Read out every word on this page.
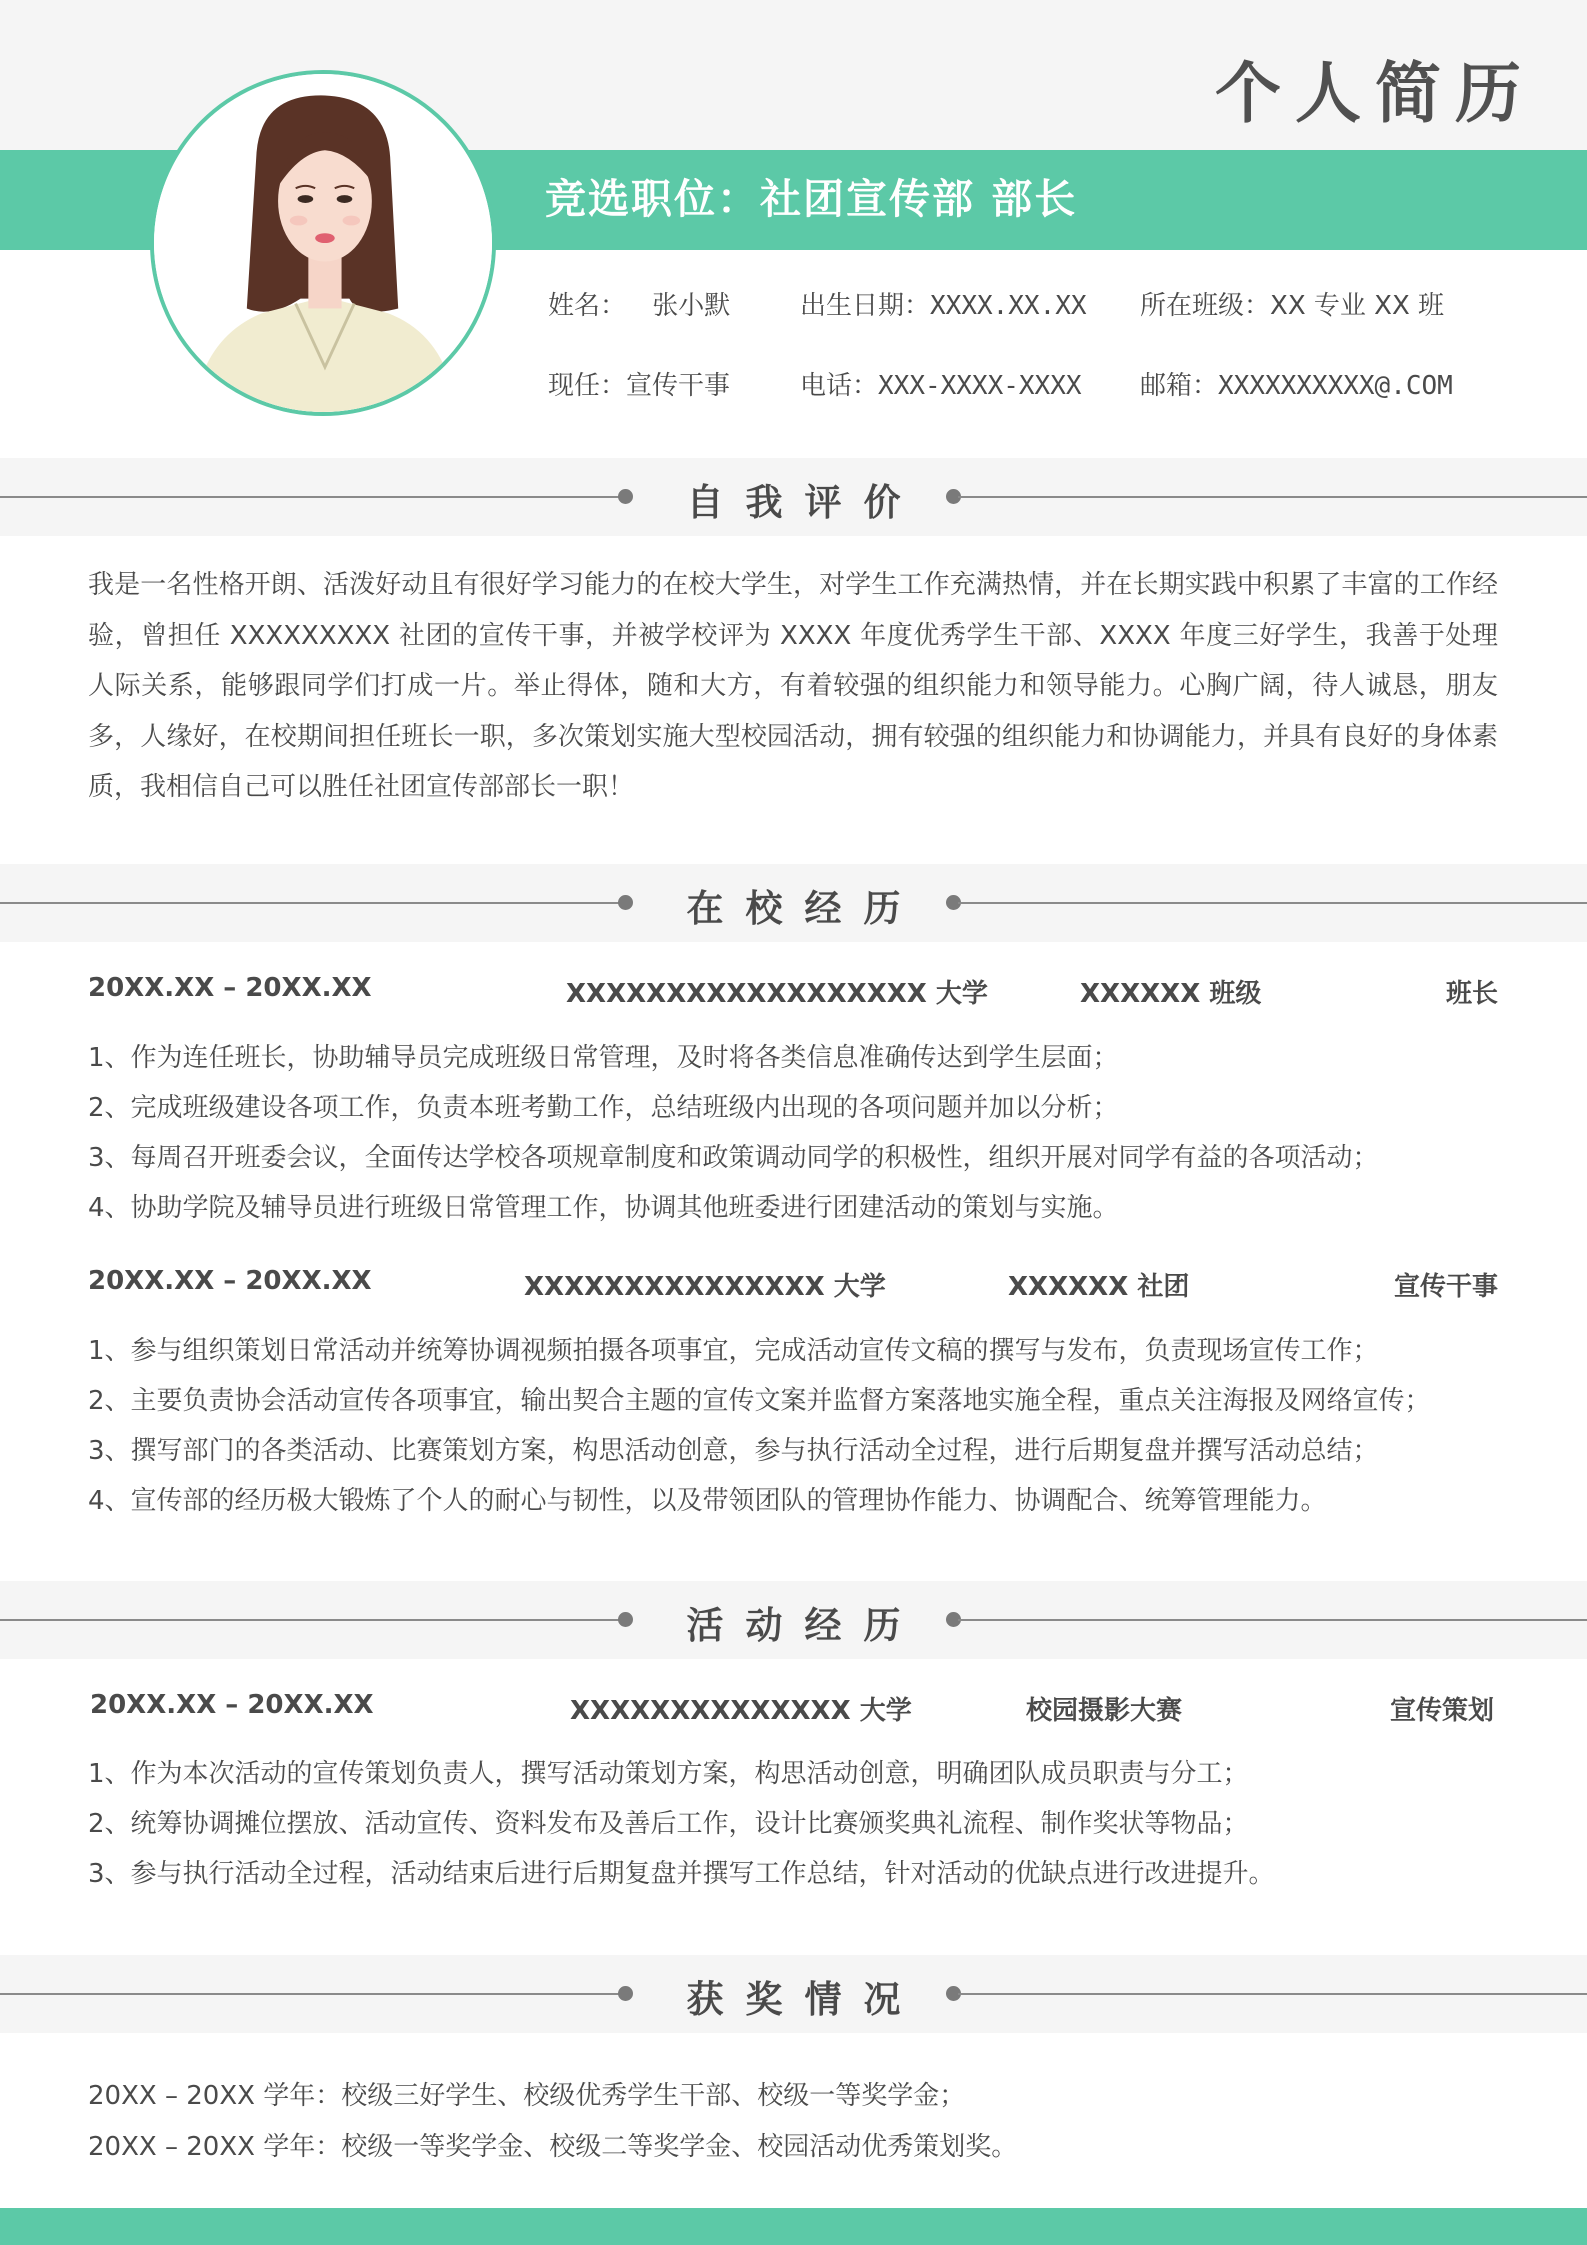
个人简历
竞选职位：社团宣传部 部长
姓名： 张小默	出生日期：XXXX.XX.XX 所在班级：XX 专业 XX 班
现任：宣传干事	电话：XXX-XXXX-XXXX 邮箱：XXXXXXXXXX@.COM
自我评价
我是一名性格开朗、活泼好动且有很好学习能力的在校大学生，对学生工作充满热情，并在长期实践中积累了丰富的工作经验，曾担任 XXXXXXXXX 社团的宣传干事，并被学校评为 XXXX 年度优秀学生干部、XXXX 年度三好学生，我善于处理人际关系，能够跟同学们打成一片。举止得体，随和大方，有着较强的组织能力和领导能力。心胸广阔，待人诚恳，朋友多，人缘好，在校期间担任班长一职，多次策划实施大型校园活动，拥有较强的组织能力和协调能力，并具有良好的身体素质，我相信自己可以胜任社团宣传部部长一职！
在校经历
20XX.XX – 20XX.XX	XXXXXXXXXXXXXXXXXX 大学	XXXXXX 班级	班长
1、作为连任班长，协助辅导员完成班级日常管理，及时将各类信息准确传达到学生层面；
2、完成班级建设各项工作，负责本班考勤工作，总结班级内出现的各项问题并加以分析；
3、每周召开班委会议，全面传达学校各项规章制度和政策调动同学的积极性，组织开展对同学有益的各项活动；
4、协助学院及辅导员进行班级日常管理工作，协调其他班委进行团建活动的策划与实施。
20XX.XX – 20XX.XX	XXXXXXXXXXXXXXX 大学	XXXXXX 社团	宣传干事
1、参与组织策划日常活动并统筹协调视频拍摄各项事宜，完成活动宣传文稿的撰写与发布，负责现场宣传工作；
2、主要负责协会活动宣传各项事宜，输出契合主题的宣传文案并监督方案落地实施全程，重点关注海报及网络宣传；
3、撰写部门的各类活动、比赛策划方案，构思活动创意，参与执行活动全过程，进行后期复盘并撰写活动总结；
4、宣传部的经历极大锻炼了个人的耐心与韧性，以及带领团队的管理协作能力、协调配合、统筹管理能力。
活动经历
20XX.XX – 20XX.XX	XXXXXXXXXXXXXX 大学	校园摄影大赛	宣传策划
1、作为本次活动的宣传策划负责人，撰写活动策划方案，构思活动创意，明确团队成员职责与分工；
2、统筹协调摊位摆放、活动宣传、资料发布及善后工作，设计比赛颁奖典礼流程、制作奖状等物品；
3、参与执行活动全过程，活动结束后进行后期复盘并撰写工作总结，针对活动的优缺点进行改进提升。
获奖情况
20XX – 20XX 学年：校级三好学生、校级优秀学生干部、校级一等奖学金；
20XX – 20XX 学年：校级一等奖学金、校级二等奖学金、校园活动优秀策划奖。
